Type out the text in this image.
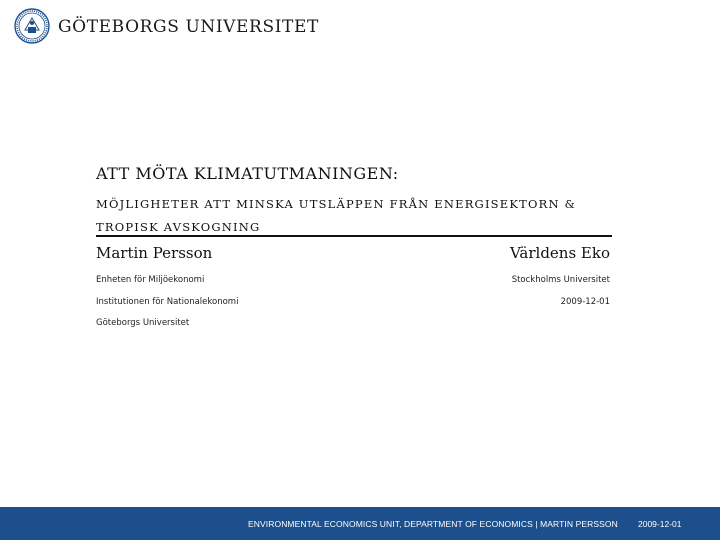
GÖTEBORGS UNIVERSITET
ATT MÖTA KLIMATUTMANINGEN:
MÖJLIGHETER ATT MINSKA UTSLÄPPEN FRÅN ENERGISEKTORN & TROPISK AVSKOGNING
Martin Persson	Världens Eko
Enheten för Miljöekonomi
Institutionen för Nationalekonomi
Göteborgs Universitet
Stockholms Universitet
2009-12-01
ENVIRONMENTAL ECONOMICS UNIT, DEPARTMENT OF ECONOMICS | MARTIN PERSSON 2009-12-01
